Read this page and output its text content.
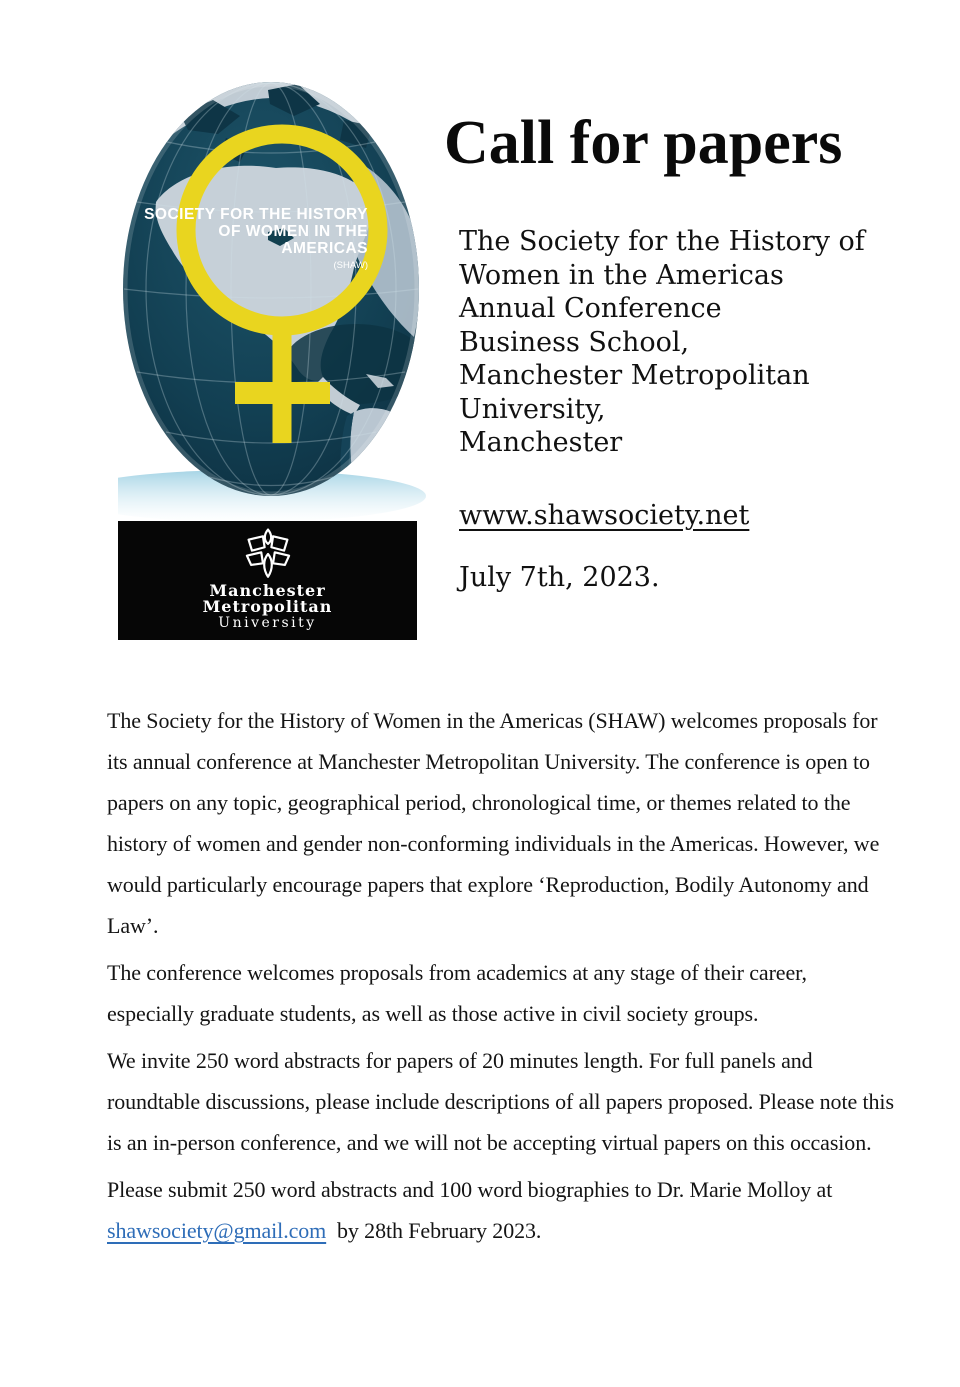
SOCIETY FOR THE HISTORY
OF WOMEN IN THE
AMERICAS
(SHAW)
Manchester
Metropolitan
University
Call for papers
The Society for the History of
Women in the Americas
Annual Conference
Business School,
Manchester Metropolitan
University,
Manchester
www.shawsociety.net
July 7th, 2023.

The Society for the History of Women in the Americas (SHAW) welcomes proposals for its annual conference at Manchester Metropolitan University. The conference is open to papers on any topic, geographical period, chronological time, or themes related to the history of women and gender non-conforming individuals in the Americas. However, we would particularly encourage papers that explore ‘Reproduction, Bodily Autonomy and Law’.

The conference welcomes proposals from academics at any stage of their career, especially graduate students, as well as those active in civil society groups.

We invite 250 word abstracts for papers of 20 minutes length. For full panels and roundtable discussions, please include descriptions of all papers proposed. Please note this is an in-person conference, and we will not be accepting virtual papers on this occasion.

Please submit 250 word abstracts and 100 word biographies to Dr. Marie Molloy at shawsociety@gmail.com  by 28th February 2023.
